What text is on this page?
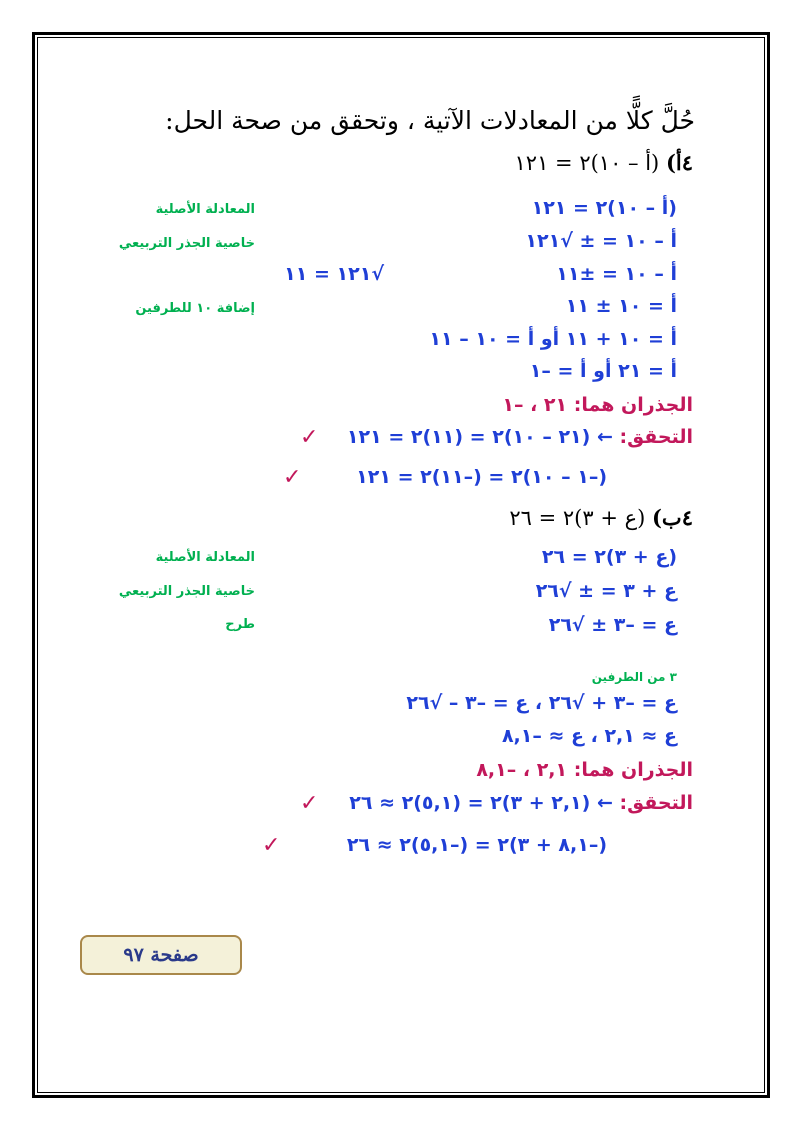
حُلَّ كلًّا من المعادلات الآتية ، وتحقق من صحة الحل:
٤أ) (أ – ١٠)٢ = ١٢١
(أ – ١٠)٢ = ١٢١
المعادلة الأصلية
أ – ١٠ = ± √١٢١
خاصية الجذر التربيعي
أ – ١٠ = ±١١
√١٢١ = ١١
أ = ١٠ ± ١١
إضافة ١٠ للطرفين
أ = ١٠ + ١١ أو أ = ١٠ – ١١
أ = ٢١ أو أ = –١
الجذران هما: ٢١ ، –١
التحقق: ← (٢١ – ١٠)٢ = (١١)٢ = ١٢١
✓
(–١ – ١٠)٢ = (–١١)٢ = ١٢١
✓
٤ب) (ع + ٣)٢ = ٢٦
(ع + ٣)٢ = ٢٦
المعادلة الأصلية
ع + ٣ = ± √٢٦
خاصية الجذر التربيعي
ع = –٣ ± √٢٦
طرح
٣ من الطرفين
ع = –٣ + √٢٦ ، ع = –٣ – √٢٦
ع ≈ ٢,١ ، ع ≈ –٨,١
الجذران هما: ٢,١ ، –٨,١
التحقق: ← (٢,١ + ٣)٢ = (٥,١)٢ ≈ ٢٦
✓
(–٨,١ + ٣)٢ = (–٥,١)٢ ≈ ٢٦
✓
صفحة ٩٧
